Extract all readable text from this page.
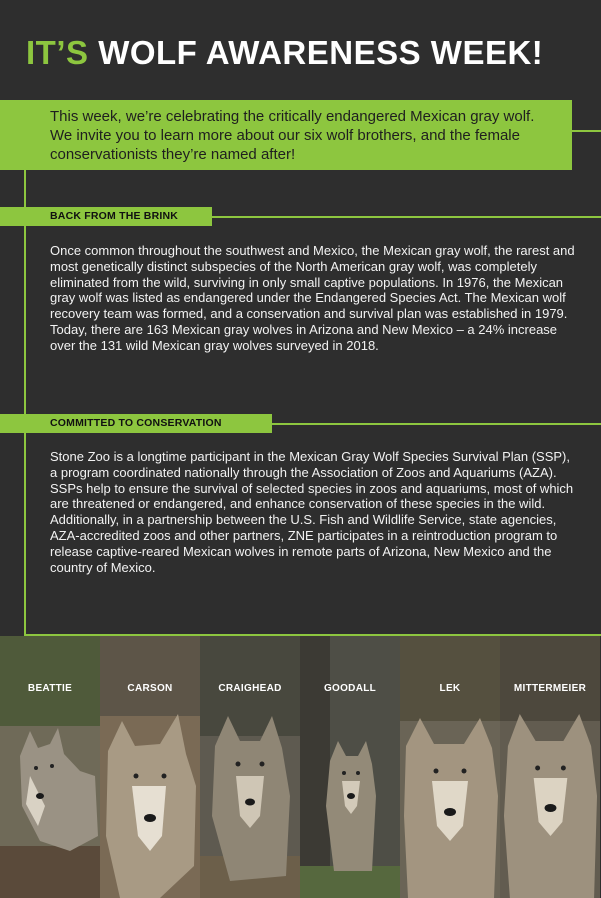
IT’S WOLF AWARENESS WEEK!

This week, we’re celebrating the critically endangered Mexican gray wolf. We invite you to learn more about our six wolf brothers, and the female conservationists they’re named after!

BACK FROM THE BRINK

Once common throughout the southwest and Mexico, the Mexican gray wolf, the rarest and most genetically distinct subspecies of the North American gray wolf, was completely eliminated from the wild, surviving in only small captive populations. In 1976, the Mexican gray wolf was listed as endangered under the Endangered Species Act. The Mexican wolf recovery team was formed, and a conservation and survival plan was established in 1979. Today, there are 163 Mexican gray wolves in Arizona and New Mexico – a 24% increase over the 131 wild Mexican gray wolves surveyed in 2018.

COMMITTED TO CONSERVATION

Stone Zoo is a longtime participant in the Mexican Gray Wolf Species Survival Plan (SSP), a program coordinated nationally through the Association of Zoos and Aquariums (AZA). SSPs help to ensure the survival of selected species in zoos and aquariums, most of which are threatened or endangered, and enhance conservation of these species in the wild. Additionally, in a partnership between the U.S. Fish and Wildlife Service, state agencies, AZA-accredited zoos and other partners, ZNE participates in a reintroduction program to release captive-reared Mexican wolves in remote parts of Arizona, New Mexico and the country of Mexico.

BEATTIE	CARSON	CRAIGHEAD	GOODALL	LEK	MITTERMEIER
